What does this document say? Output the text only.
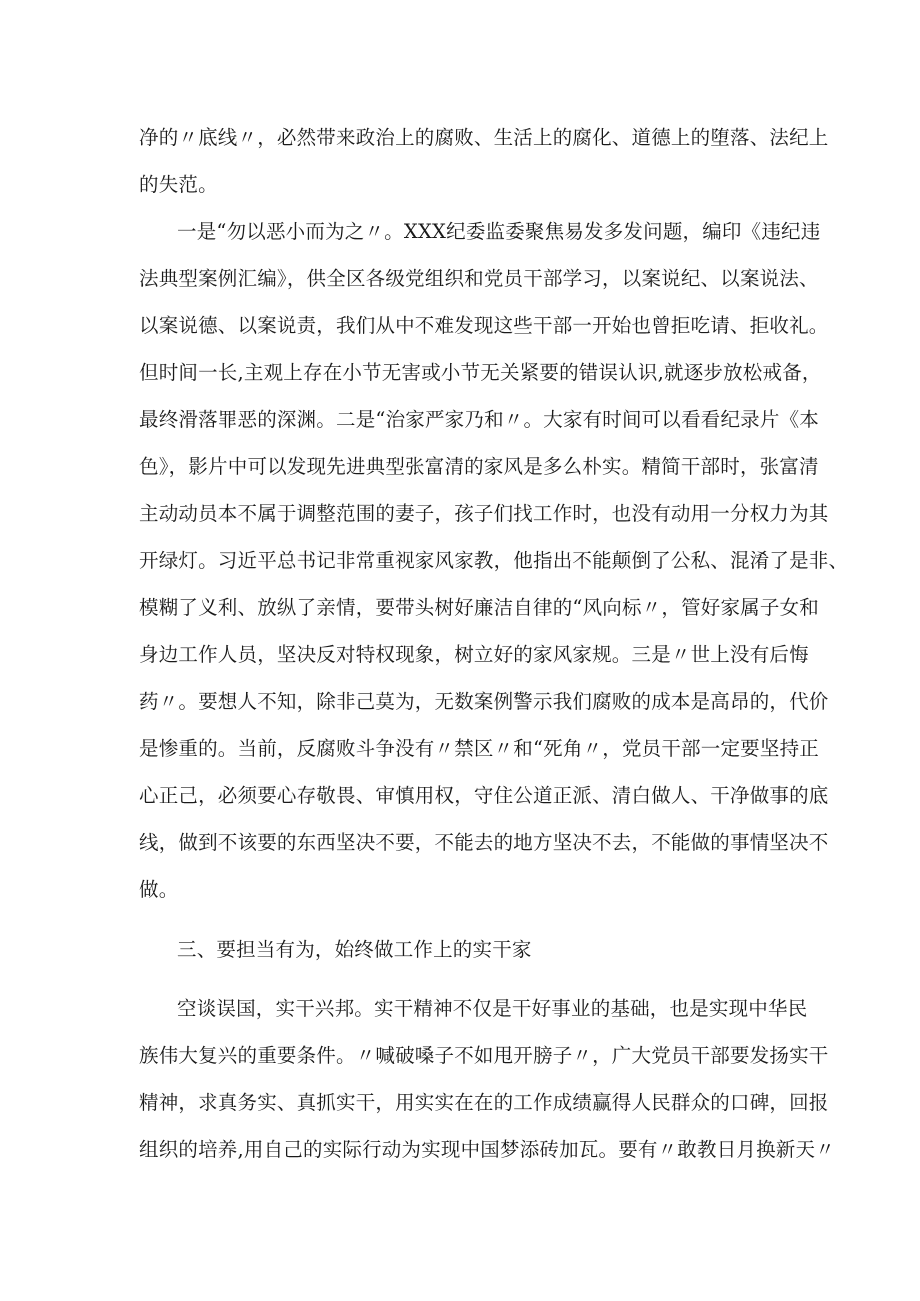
净的〃底线〃，必然带来政治上的腐败、生活上的腐化、道德上的堕落、法纪上
的失范。
一是“勿以恶小而为之〃。XXX纪委监委聚焦易发多发问题，编印《违纪违
法典型案例汇编》，供全区各级党组织和党员干部学习，以案说纪、以案说法、
以案说德、以案说责，我们从中不难发现这些干部一开始也曾拒吃请、拒收礼。
但时间一长,主观上存在小节无害或小节无关紧要的错误认识,就逐步放松戒备，
最终滑落罪恶的深渊。二是“治家严家乃和〃。大家有时间可以看看纪录片《本
色》，影片中可以发现先进典型张富清的家风是多么朴实。精简干部时，张富清
主动动员本不属于调整范围的妻子，孩子们找工作时，也没有动用一分权力为其
开绿灯。习近平总书记非常重视家风家教，他指出不能颠倒了公私、混淆了是非、
模糊了义利、放纵了亲情，要带头树好廉洁自律的“风向标〃，管好家属子女和
身边工作人员，坚决反对特权现象，树立好的家风家规。三是〃世上没有后悔
药〃。要想人不知，除非己莫为，无数案例警示我们腐败的成本是高昂的，代价
是惨重的。当前，反腐败斗争没有〃禁区〃和“死角〃，党员干部一定要坚持正
心正己，必须要心存敬畏、审慎用权，守住公道正派、清白做人、干净做事的底
线，做到不该要的东西坚决不要，不能去的地方坚决不去，不能做的事情坚决不
做。
三、要担当有为，始终做工作上的实干家
空谈误国，实干兴邦。实干精神不仅是干好事业的基础，也是实现中华民
族伟大复兴的重要条件。〃喊破嗓子不如甩开膀子〃，广大党员干部要发扬实干
精神，求真务实、真抓实干，用实实在在的工作成绩赢得人民群众的口碑，回报
组织的培养,用自己的实际行动为实现中国梦添砖加瓦。要有〃敢教日月换新天〃
